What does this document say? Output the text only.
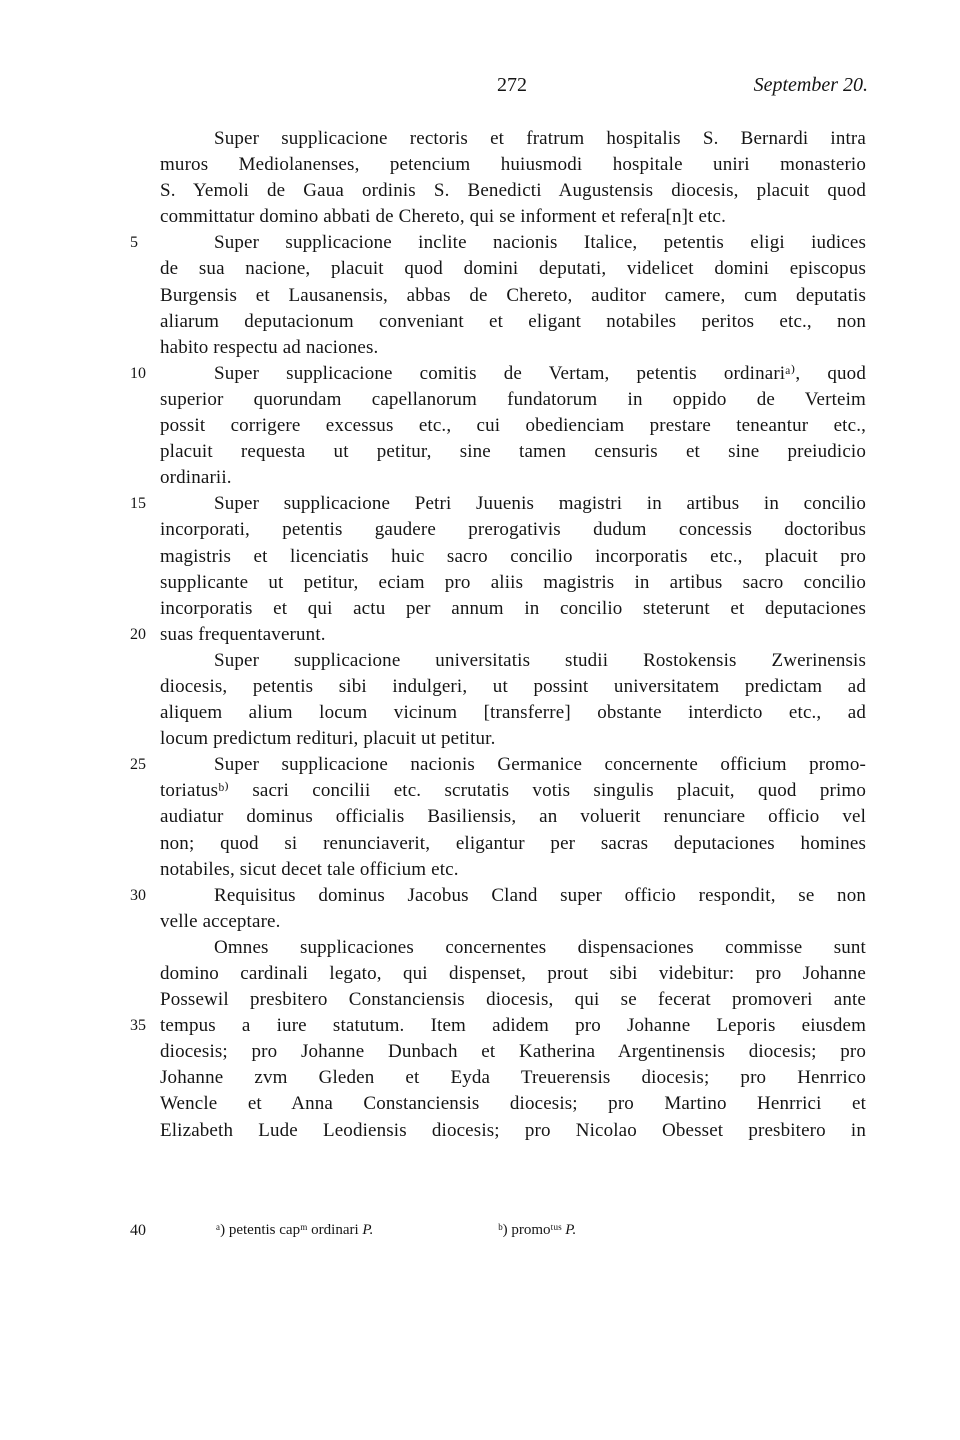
272	September 20.
Super supplicacione rectoris et fratrum hospitalis S. Bernardi intra
muros Mediolanenses, petencium huiusmodi hospitale uniri monasterio
S. Yemoli de Gaua ordinis S. Benedicti Augustensis diocesis, placuit quod
committatur domino abbati de Chereto, qui se informent et refera[n]t etc.
5	Super supplicacione inclite nacionis Italice, petentis eligi iudices
de sua nacione, placuit quod domini deputati, videlicet domini episcopus
Burgensis et Lausanensis, abbas de Chereto, auditor camere, cum deputatis
aliarum deputacionum conveniant et eligant notabiles peritos etc., non
habito respectu ad naciones.
10	Super supplicacione comitis de Vertam, petentis ordinariᵃ⁾, quod
superior quorundam capellanorum fundatorum in oppido de Verteim
possit corrigere excessus etc., cui obedienciam prestare teneantur etc.,
placuit requesta ut petitur, sine tamen censuris et sine preiudicio
ordinarii.
15	Super supplicacione Petri Juuenis magistri in artibus in concilio
incorporati, petentis gaudere prerogativis dudum concessis doctoribus
magistris et licenciatis huic sacro concilio incorporatis etc., placuit pro
supplicante ut petitur, eciam pro aliis magistris in artibus sacro concilio
incorporatis et qui actu per annum in concilio steterunt et deputaciones
20 suas frequentaverunt.
Super supplicacione universitatis studii Rostokensis Zwerinensis
diocesis, petentis sibi indulgeri, ut possint universitatem predictam ad
aliquem alium locum vicinum [transferre] obstante interdicto etc., ad
locum predictum redituri, placuit ut petitur.
25	Super supplicacione nacionis Germanice concernente officium promo-
toriatusᵇ⁾ sacri concilii etc. scrutatis votis singulis placuit, quod primo
audiatur dominus officialis Basiliensis, an voluerit renunciare officio vel
non; quod si renunciaverit, eligantur per sacras deputaciones homines
notabiles, sicut decet tale officium etc.
30	Requisitus dominus Jacobus Cland super officio respondit, se non
velle acceptare.
Omnes supplicaciones concernentes dispensaciones commisse sunt
domino cardinali legato, qui dispenset, prout sibi videbitur: pro Johanne
Possewil presbitero Constanciensis diocesis, qui se fecerat promoveri ante
35 tempus a iure statutum. Item adidem pro Johanne Leporis eiusdem
diocesis; pro Johanne Dunbach et Katherina Argentinensis diocesis; pro
Johanne zvm Gleden et Eyda Treuerensis diocesis; pro Henrrico
Wencle et Anna Constanciensis diocesis; pro Martino Henrrici et
Elizabeth Lude Leodiensis diocesis; pro Nicolao Obesset presbitero in
40	ᵃ) petentis capᵐ ordinari P.	ᵇ) promoᵗᵘˢ P.
